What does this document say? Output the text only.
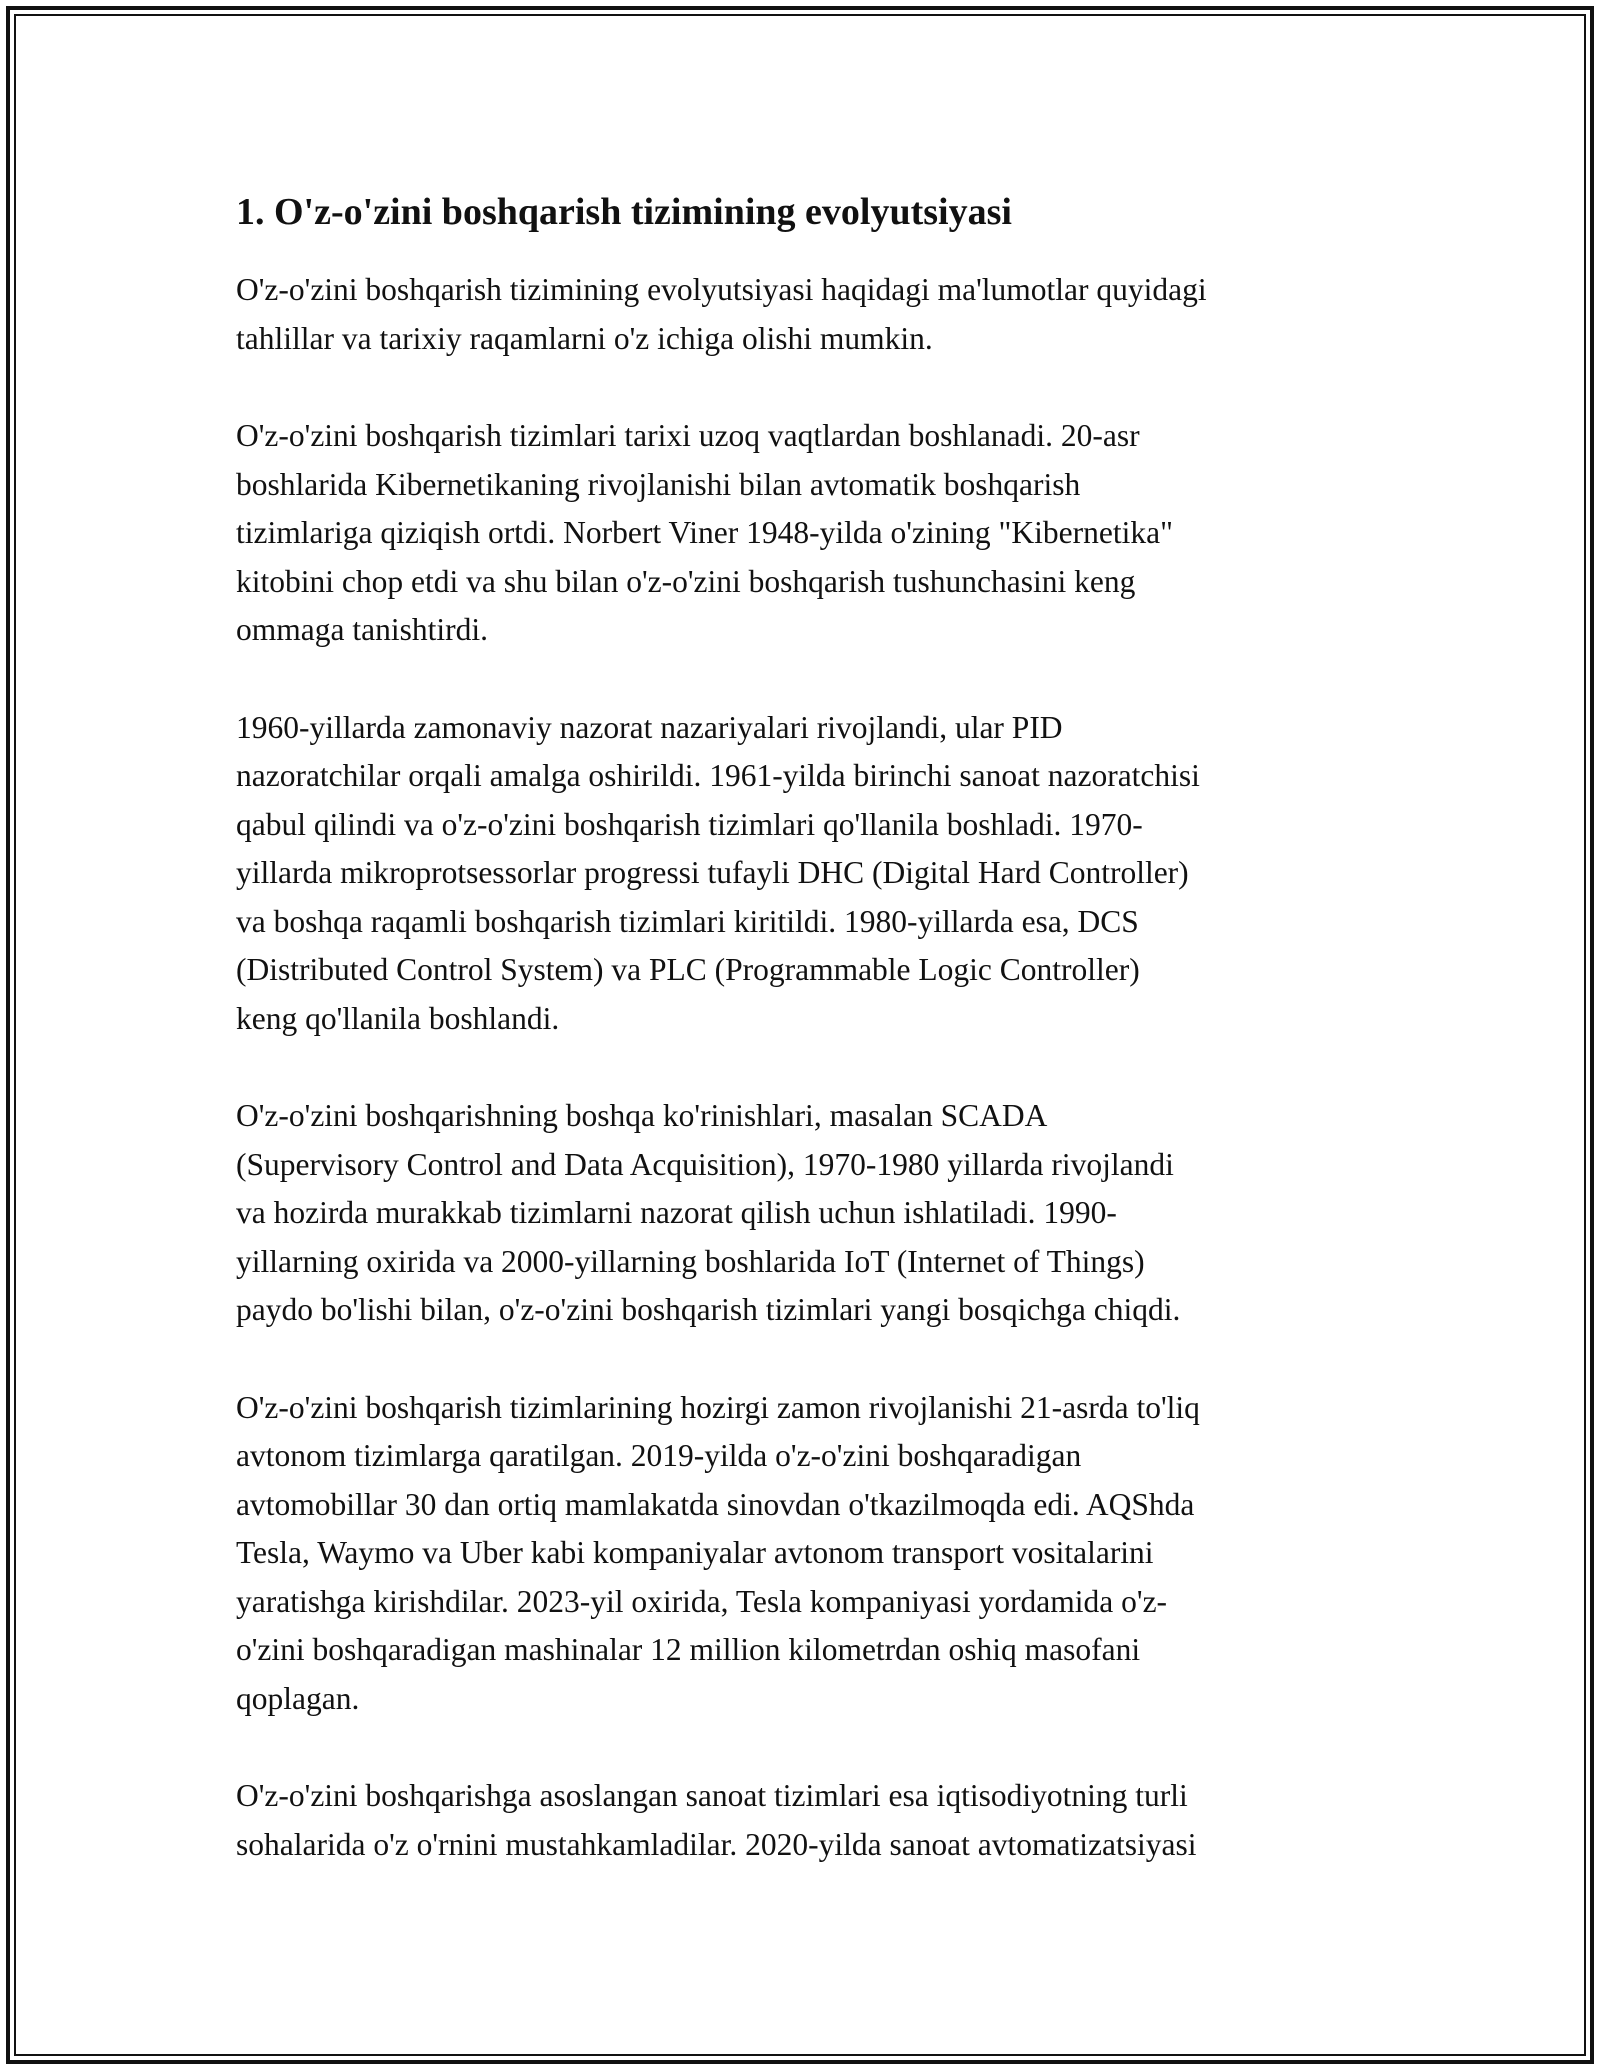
1. O'z-o'zini boshqarish tizimining evolyutsiyasi

O'z-o'zini boshqarish tizimining evolyutsiyasi haqidagi ma'lumotlar quyidagi
tahlillar va tarixiy raqamlarni o'z ichiga olishi mumkin.

O'z-o'zini boshqarish tizimlari tarixi uzoq vaqtlardan boshlanadi. 20-asr
boshlarida Kibernetikaning rivojlanishi bilan avtomatik boshqarish
tizimlariga qiziqish ortdi. Norbert Viner 1948-yilda o'zining "Kibernetika"
kitobini chop etdi va shu bilan o'z-o'zini boshqarish tushunchasini keng
ommaga tanishtirdi.

1960-yillarda zamonaviy nazorat nazariyalari rivojlandi, ular PID
nazoratchilar orqali amalga oshirildi. 1961-yilda birinchi sanoat nazoratchisi
qabul qilindi va o'z-o'zini boshqarish tizimlari qo'llanila boshladi. 1970-
yillarda mikroprotsessorlar progressi tufayli DHC (Digital Hard Controller)
va boshqa raqamli boshqarish tizimlari kiritildi. 1980-yillarda esa, DCS
(Distributed Control System) va PLC (Programmable Logic Controller)
keng qo'llanila boshlandi.

O'z-o'zini boshqarishning boshqa ko'rinishlari, masalan SCADA
(Supervisory Control and Data Acquisition), 1970-1980 yillarda rivojlandi
va hozirda murakkab tizimlarni nazorat qilish uchun ishlatiladi. 1990-
yillarning oxirida va 2000-yillarning boshlarida IoT (Internet of Things)
paydo bo'lishi bilan, o'z-o'zini boshqarish tizimlari yangi bosqichga chiqdi.

O'z-o'zini boshqarish tizimlarining hozirgi zamon rivojlanishi 21-asrda to'liq
avtonom tizimlarga qaratilgan. 2019-yilda o'z-o'zini boshqaradigan
avtomobillar 30 dan ortiq mamlakatda sinovdan o'tkazilmoqda edi. AQShda
Tesla, Waymo va Uber kabi kompaniyalar avtonom transport vositalarini
yaratishga kirishdilar. 2023-yil oxirida, Tesla kompaniyasi yordamida o'z-
o'zini boshqaradigan mashinalar 12 million kilometrdan oshiq masofani
qoplagan.

O'z-o'zini boshqarishga asoslangan sanoat tizimlari esa iqtisodiyotning turli
sohalarida o'z o'rnini mustahkamladilar. 2020-yilda sanoat avtomatizatsiyasi
